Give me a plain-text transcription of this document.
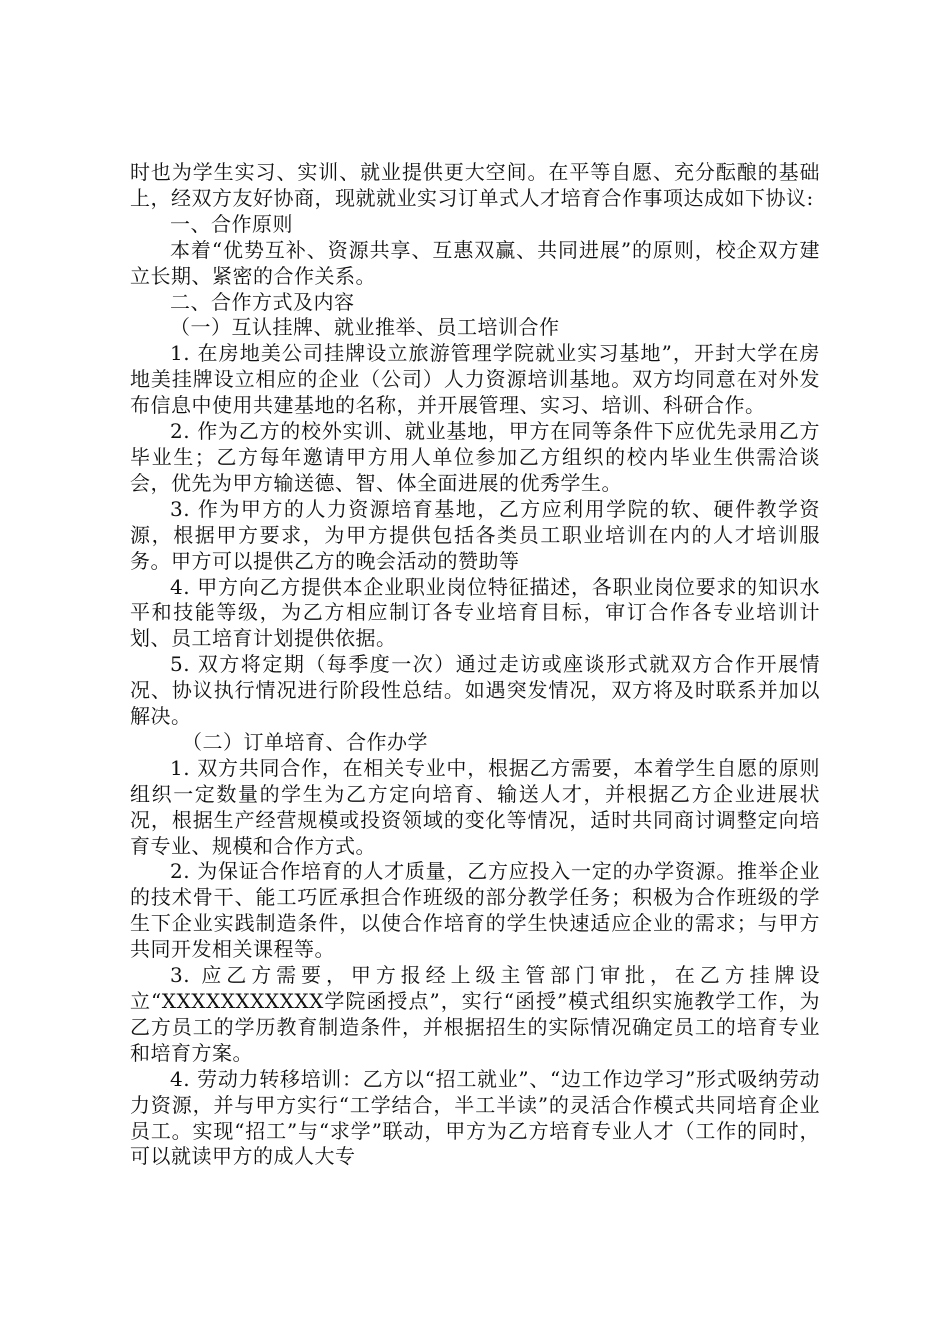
时也为学生实习、实训、就业提供更大空间。在平等自愿、充分酝酿的基础上，经双方友好协商，现就就业实习订单式人才培育合作事项达成如下协议:

一、合作原则

本着“优势互补、资源共享、互惠双赢、共同进展”的原则，校企双方建立长期、紧密的合作关系。

二、合作方式及内容

（一）互认挂牌、就业推举、员工培训合作

1. 在房地美公司挂牌设立旅游管理学院就业实习基地”，开封大学在房地美挂牌设立相应的企业（公司）人力资源培训基地。双方均同意在对外发布信息中使用共建基地的名称，并开展管理、实习、培训、科研合作。

2. 作为乙方的校外实训、就业基地，甲方在同等条件下应优先录用乙方毕业生；乙方每年邀请甲方用人单位参加乙方组织的校内毕业生供需洽谈会，优先为甲方输送德、智、体全面进展的优秀学生。

3. 作为甲方的人力资源培育基地，乙方应利用学院的软、硬件教学资源，根据甲方要求，为甲方提供包括各类员工职业培训在内的人才培训服务。甲方可以提供乙方的晚会活动的赞助等

4. 甲方向乙方提供本企业职业岗位特征描述，各职业岗位要求的知识水平和技能等级，为乙方相应制订各专业培育目标，审订合作各专业培训计划、员工培育计划提供依据。

5. 双方将定期（每季度一次）通过走访或座谈形式就双方合作开展情况、协议执行情况进行阶段性总结。如遇突发情况，双方将及时联系并加以解决。

（二）订单培育、合作办学

1. 双方共同合作，在相关专业中，根据乙方需要，本着学生自愿的原则组织一定数量的学生为乙方定向培育、输送人才，并根据乙方企业进展状况，根据生产经营规模或投资领域的变化等情况，适时共同商讨调整定向培育专业、规模和合作方式。

2. 为保证合作培育的人才质量，乙方应投入一定的办学资源。推举企业的技术骨干、能工巧匠承担合作班级的部分教学任务；积极为合作班级的学生下企业实践制造条件，以使合作培育的学生快速适应企业的需求；与甲方共同开发相关课程等。

3. 应乙方需要，甲方报经上级主管部门审批，在乙方挂牌设立“XXXXXXXXXXX学院函授点”，实行“函授”模式组织实施教学工作，为乙方员工的学历教育制造条件，并根据招生的实际情况确定员工的培育专业和培育方案。

4. 劳动力转移培训：乙方以“招工就业”、“边工作边学习”形式吸纳劳动力资源，并与甲方实行“工学结合，半工半读”的灵活合作模式共同培育企业员工。实现“招工”与“求学”联动，甲方为乙方培育专业人才（工作的同时，可以就读甲方的成人大专
